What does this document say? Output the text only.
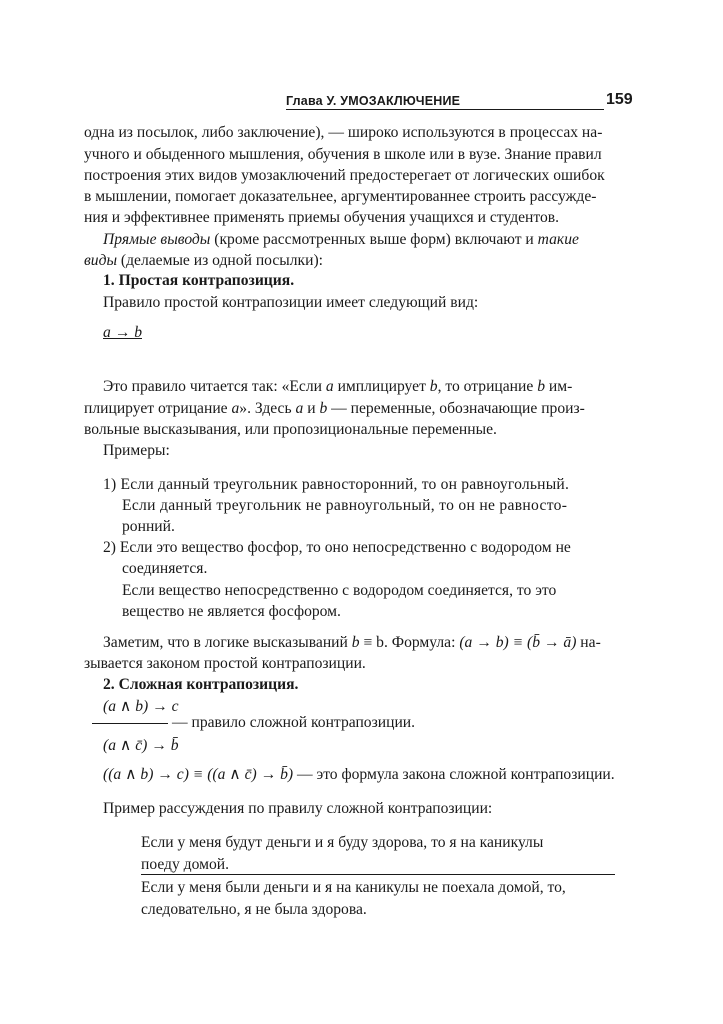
Глава У. УМОЗАКЛЮЧЕНИЕ	159
одна из посылок, либо заключение), — широко используются в процессах на-
учного и обыденного мышления, обучения в школе или в вузе. Знание правил
построения этих видов умозаключений предостерегает от логических ошибок
в мышлении, помогает доказательнее, аргументированнее строить рассужде-
ния и эффективнее применять приемы обучения учащихся и студентов.
Прямые выводы (кроме рассмотренных выше форм) включают и такие
виды (делаемые из одной посылки):
1. Простая контрапозиция.
Правило простой контрапозиции имеет следующий вид:
a → b
Это правило читается так: «Если a имплицирует b, то отрицание b им-
плицирует отрицание a». Здесь a и b — переменные, обозначающие произ-
вольные высказывания, или пропозициональные переменные.
Примеры:
1) Если данный треугольник равносторонний, то он равноугольный.
Если данный треугольник не равноугольный, то он не равносто-
ронний.
2) Если это вещество фосфор, то оно непосредственно с водородом не
соединяется.
Если вещество непосредственно с водородом соединяется, то это
вещество не является фосфором.
Заметим, что в логике высказываний b ≡ b. Формула: (a → b) ≡ (b̄ → ā) на-
зывается законом простой контрапозиции.
2. Сложная контрапозиция.
(a ∧ b) → c
— правило сложной контрапозиции.
(a ∧ c̄) → b̄
((a ∧ b) → c) ≡ ((a ∧ c̄) → b̄) — это формула закона сложной контрапозиции.
Пример рассуждения по правилу сложной контрапозиции:
Если у меня будут деньги и я буду здорова, то я на каникулы
поеду домой.
Если у меня были деньги и я на каникулы не поехала домой, то,
следовательно, я не была здорова.
